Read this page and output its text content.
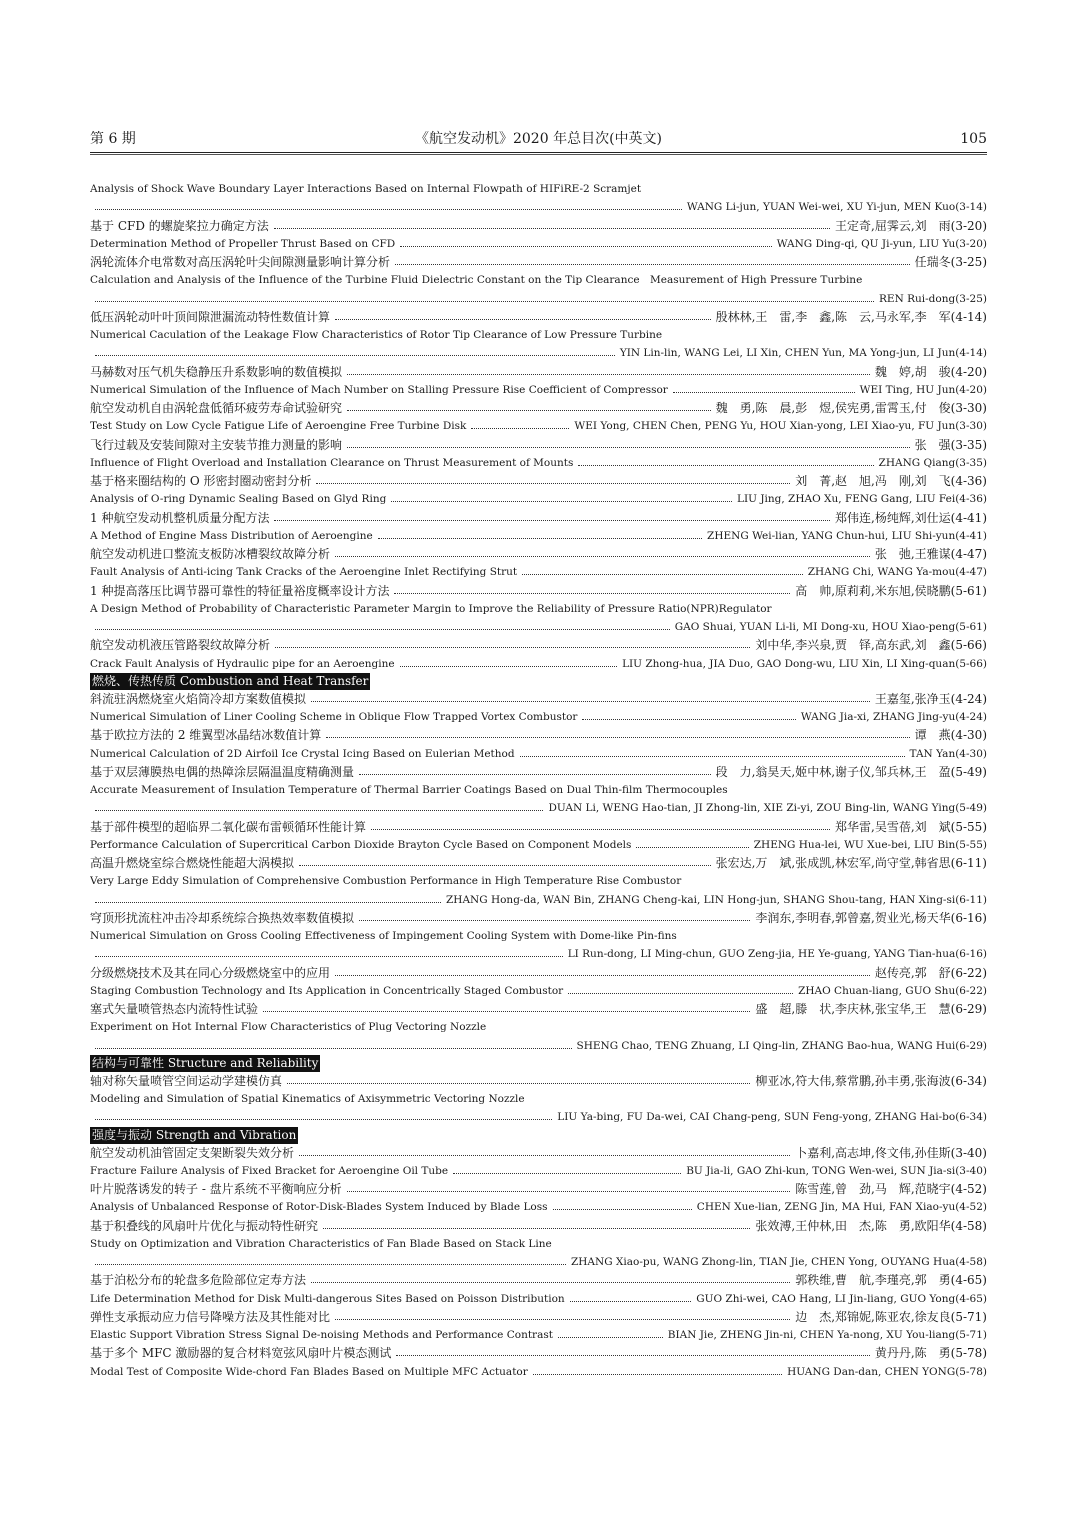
第 6 期	《航空发动机》2020 年总目次(中英文)	105
Analysis of Shock Wave Boundary Layer Interactions Based on Internal Flowpath of HIFiRE-2 Scramjet
WANG Li-jun, YUAN Wei-wei, XU Yi-jun, MEN Kuo(3-14)
基于 CFD 的螺旋桨拉力确定方法	王定奇,屈霁云,刘　雨(3-20)
Determination Method of Propeller Thrust Based on CFD	WANG Ding-qi, QU Ji-yun, LIU Yu(3-20)
涡轮流体介电常数对高压涡轮叶尖间隙测量影响计算分析	任瑞冬(3-25)
Calculation and Analysis of the Influence of the Turbine Fluid Dielectric Constant on the Tip Clearance　Measurement of High Pressure Turbine
REN Rui-dong(3-25)
低压涡轮动叶叶顶间隙泄漏流动特性数值计算	殷林林,王　雷,李　鑫,陈　云,马永军,李　军(4-14)
Numerical Caculation of the Leakage Flow Characteristics of Rotor Tip Clearance of Low Pressure Turbine
YIN Lin-lin, WANG Lei, LI Xin, CHEN Yun, MA Yong-jun, LI Jun(4-14)
马赫数对压气机失稳静压升系数影响的数值模拟	魏　婷,胡　骏(4-20)
Numerical Simulation of the Influence of Mach Number on Stalling Pressure Rise Coefficient of Compressor	WEI Ting, HU Jun(4-20)
航空发动机自由涡轮盘低循环疲劳寿命试验研究	魏　勇,陈　晨,彭　煜,侯宪勇,雷霄玉,付　俊(3-30)
Test Study on Low Cycle Fatigue Life of Aeroengine Free Turbine Disk	WEI Yong, CHEN Chen, PENG Yu, HOU Xian-yong, LEI Xiao-yu, FU Jun(3-30)
飞行过载及安装间隙对主安装节推力测量的影响	张　强(3-35)
Influence of Flight Overload and Installation Clearance on Thrust Measurement of Mounts	ZHANG Qiang(3-35)
基于格来圈结构的 O 形密封圈动密封分析	刘　菁,赵　旭,冯　刚,刘　飞(4-36)
Analysis of O-ring Dynamic Sealing Based on Glyd Ring	LIU Jing, ZHAO Xu, FENG Gang, LIU Fei(4-36)
1 种航空发动机整机质量分配方法	郑伟连,杨纯辉,刘仕运(4-41)
A Method of Engine Mass Distribution of Aeroengine	ZHENG Wei-lian, YANG Chun-hui, LIU Shi-yun(4-41)
航空发动机进口整流支板防冰槽裂纹故障分析	张　弛,王雅谋(4-47)
Fault Analysis of Anti-icing Tank Cracks of the Aeroengine Inlet Rectifying Strut	ZHANG Chi, WANG Ya-mou(4-47)
1 种提高落压比调节器可靠性的特征量裕度概率设计方法	高　帅,原莉莉,米东旭,侯晓鹏(5-61)
A Design Method of Probability of Characteristic Parameter Margin to Improve the Reliability of Pressure Ratio(NPR)Regulator
GAO Shuai, YUAN Li-li, MI Dong-xu, HOU Xiao-peng(5-61)
航空发动机液压管路裂纹故障分析	刘中华,李兴泉,贾　铎,高东武,刘　鑫(5-66)
Crack Fault Analysis of Hydraulic pipe for an Aeroengine	LIU Zhong-hua, JIA Duo, GAO Dong-wu, LIU Xin, LI Xing-quan(5-66)
燃烧、传热传质 Combustion and Heat Transfer
斜流驻涡燃烧室火焰筒冷却方案数值模拟	王嘉玺,张净玉(4-24)
Numerical Simulation of Liner Cooling Scheme in Oblique Flow Trapped Vortex Combustor	WANG Jia-xi, ZHANG Jing-yu(4-24)
基于欧拉方法的 2 维翼型冰晶结冰数值计算	谭　燕(4-30)
Numerical Calculation of 2D Airfoil Ice Crystal Icing Based on Eulerian Method	TAN Yan(4-30)
基于双层薄膜热电偶的热障涂层隔温温度精确测量	段　力,翁昊天,姬中林,谢子仪,邹兵林,王　盈(5-49)
Accurate Measurement of Insulation Temperature of Thermal Barrier Coatings Based on Dual Thin-film Thermocouples
DUAN Li, WENG Hao-tian, JI Zhong-lin, XIE Zi-yi, ZOU Bing-lin, WANG Ying(5-49)
基于部件模型的超临界二氧化碳布雷顿循环性能计算	郑华雷,吴雪蓓,刘　斌(5-55)
Performance Calculation of Supercritical Carbon Dioxide Brayton Cycle Based on Component Models	ZHENG Hua-lei, WU Xue-bei, LIU Bin(5-55)
高温升燃烧室综合燃烧性能超大涡模拟	张宏达,万　斌,张成凯,林宏军,尚守堂,韩省思(6-11)
Very Large Eddy Simulation of Comprehensive Combustion Performance in High Temperature Rise Combustor
ZHANG Hong-da, WAN Bin, ZHANG Cheng-kai, LIN Hong-jun, SHANG Shou-tang, HAN Xing-si(6-11)
穹顶形扰流柱冲击冷却系统综合换热效率数值模拟	李润东,李明春,郭曾嘉,贺业光,杨天华(6-16)
Numerical Simulation on Gross Cooling Effectiveness of Impingement Cooling System with Dome-like Pin-fins
LI Run-dong, LI Ming-chun, GUO Zeng-jia, HE Ye-guang, YANG Tian-hua(6-16)
分级燃烧技术及其在同心分级燃烧室中的应用	赵传亮,郭　舒(6-22)
Staging Combustion Technology and Its Application in Concentrically Staged Combustor	ZHAO Chuan-liang, GUO Shu(6-22)
塞式矢量喷管热态内流特性试验	盛　超,滕　状,李庆林,张宝华,王　慧(6-29)
Experiment on Hot Internal Flow Characteristics of Plug Vectoring Nozzle
SHENG Chao, TENG Zhuang, LI Qing-lin, ZHANG Bao-hua, WANG Hui(6-29)
结构与可靠性 Structure and Reliability
轴对称矢量喷管空间运动学建模仿真	柳亚冰,符大伟,蔡常鹏,孙丰勇,张海波(6-34)
Modeling and Simulation of Spatial Kinematics of Axisymmetric Vectoring Nozzle
LIU Ya-bing, FU Da-wei, CAI Chang-peng, SUN Feng-yong, ZHANG Hai-bo(6-34)
强度与振动 Strength and Vibration
航空发动机油管固定支架断裂失效分析	卜嘉利,高志坤,佟文伟,孙佳斯(3-40)
Fracture Failure Analysis of Fixed Bracket for Aeroengine Oil Tube	BU Jia-li, GAO Zhi-kun, TONG Wen-wei, SUN Jia-si(3-40)
叶片脱落诱发的转子 - 盘片系统不平衡响应分析	陈雪莲,曾　劲,马　辉,范晓宇(4-52)
Analysis of Unbalanced Response of Rotor-Disk-Blades System Induced by Blade Loss	CHEN Xue-lian, ZENG Jin, MA Hui, FAN Xiao-yu(4-52)
基于积叠线的风扇叶片优化与振动特性研究	张效溥,王仲林,田　杰,陈　勇,欧阳华(4-58)
Study on Optimization and Vibration Characteristics of Fan Blade Based on Stack Line
ZHANG Xiao-pu, WANG Zhong-lin, TIAN Jie, CHEN Yong, OUYANG Hua(4-58)
基于泊松分布的轮盘多危险部位定寿方法	郭秩维,曹　航,李瑾亮,郭　勇(4-65)
Life Determination Method for Disk Multi-dangerous Sites Based on Poisson Distribution	GUO Zhi-wei, CAO Hang, LI Jin-liang, GUO Yong(4-65)
弹性支承振动应力信号降噪方法及其性能对比	边　杰,郑锦妮,陈亚农,徐友良(5-71)
Elastic Support Vibration Stress Signal De-noising Methods and Performance Contrast	BIAN Jie, ZHENG Jin-ni, CHEN Ya-nong, XU You-liang(5-71)
基于多个 MFC 激励器的复合材料宽弦风扇叶片模态测试	黄丹丹,陈　勇(5-78)
Modal Test of Composite Wide-chord Fan Blades Based on Multiple MFC Actuator	HUANG Dan-dan, CHEN YONG(5-78)
